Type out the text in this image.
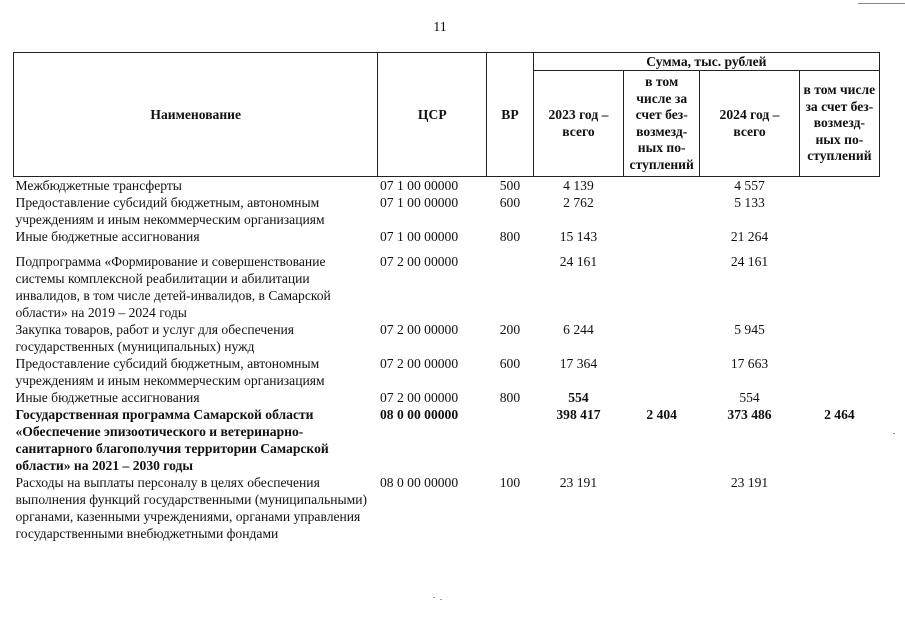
11
Наименование	ЦСР	ВР	Сумма, тыс. рублей			
			2023 год – всего	в том числе за счет без-возмезд-ных по-ступлений	2024 год – всего	в том числе за счет без-возмезд-ных по-ступлений
Межбюджетные трансферты	07 1 00 00000	500	4 139		4 557	
Предоставление субсидий бюджетным, автономным учреждениям и иным некоммерческим организациям	07 1 00 00000	600	2 762		5 133	
Иные бюджетные ассигнования	07 1 00 00000	800	15 143		21 264	
Подпрограмма «Формирование и совершенствование системы комплексной реабилитации и абилитации инвалидов, в том числе детей-инвалидов, в Самарской области» на 2019 – 2024 годы	07 2 00 00000		24 161		24 161	
Закупка товаров, работ и услуг для обеспечения государственных (муниципальных) нужд	07 2 00 00000	200	6 244		5 945	
Предоставление субсидий бюджетным, автономным учреждениям и иным некоммерческим организациям	07 2 00 00000	600	17 364		17 663	
Иные бюджетные ассигнования	07 2 00 00000	800	554		554	
Государственная программа Самарской области «Обеспечение эпизоотического и ветеринарно-санитарного благополучия территории Самарской области» на 2021 – 2030 годы	08 0 00 00000		398 417	2 404	373 486	2 464
Расходы на выплаты персоналу в целях обеспечения выполнения функций государственными (муниципальными) органами, казенными учреждениями, органами управления государственными внебюджетными фондами	08 0 00 00000	100	23 191		23 191	
